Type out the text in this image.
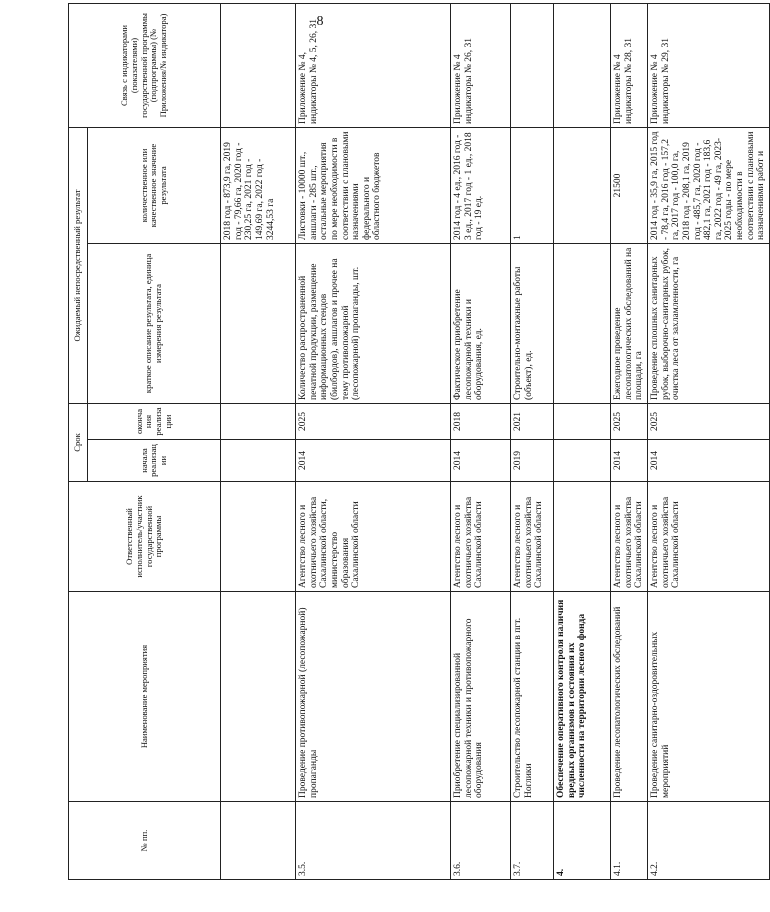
8
№ пп.	Наименование мероприятия	Ответственный исполнитель/участник государственной программы	Срок		Ожидаемый непосредственный результат		Связь с индикаторами (показателями) государственной программы (подпрограммы) (№ Приложения/№ индикатора)
			начала реализации	окончания реализации	краткое описание результата, единица измерения результата	количественное или качественное значение результата	
						2018 год - 873,9 га, 2019 год - 79,66 га, 2020 год - 230,25 га, 2021 год - 149,69 га, 2022 год - 3244,53 га	
3.5.	Проведение противопожарной (лесопожарной) пропаганды	Агентство лесного и охотничьего хозяйства Сахалинской области, министерство образования Сахалинской области	2014	2025	Количество распространенной печатной продукции, размещение информационных стендов (билбордов), аншлагов и прочее на тему противопожарной (лесопожарной) пропаганды, шт.	Листовки - 10000 шт., аншлаги - 285 шт., остальные мероприятия по мере необходимости в соответствии с плановыми назначениями федерального и областного бюджетов	Приложение № 4, индикаторы № 4, 5, 26, 31
3.6.	Приобретение специализированной лесопожарной техники и противопожарного оборудования	Агентство лесного и охотничьего хозяйства Сахалинской области	2014	2018	Фактическое приобретение лесопожарной техники и оборудования, ед.	2014 год - 4 ед., 2016 год - 3 ед., 2017 год - 1 ед., 2018 год - 19 ед.	Приложение № 4 индикаторы № 26, 31
3.7.	Строительство лесопожарной станции в пгт. Ноглики	Агентство лесного и охотничьего хозяйства Сахалинской области	2019	2021	Строительно-монтажные работы (объект), ед.	1	
4.	Обеспечение оперативного контроля наличия вредных организмов и состояния их численности на территории лесного фонда						
4.1.	Проведение лесопатологических обследований	Агентство лесного и охотничьего хозяйства Сахалинской области	2014	2025	Ежегодное проведение лесопатологических обследований на площади, га	21500	Приложение № 4 индикаторы № 28, 31
4.2.	Проведение санитарно-оздоровительных мероприятий	Агентство лесного и охотничьего хозяйства Сахалинской области	2014	2025	Проведение сплошных санитарных рубок, выборочно-санитарных рубок, очистка леса от захламленности, га	2014 год - 35,9 га, 2015 год - 78,4 га, 2016 год - 157,2 га, 2017 год - 100,0 га, 2018 год - 208,1 га, 2019 год - 485,7 га, 2020 год - 482,1 га, 2021 год - 183,6 га, 2022 год - 49 га, 2023-2025 годы - по мере необходимости в соответствии с плановыми назначениями работ и	Приложение № 4 индикаторы № 29, 31
